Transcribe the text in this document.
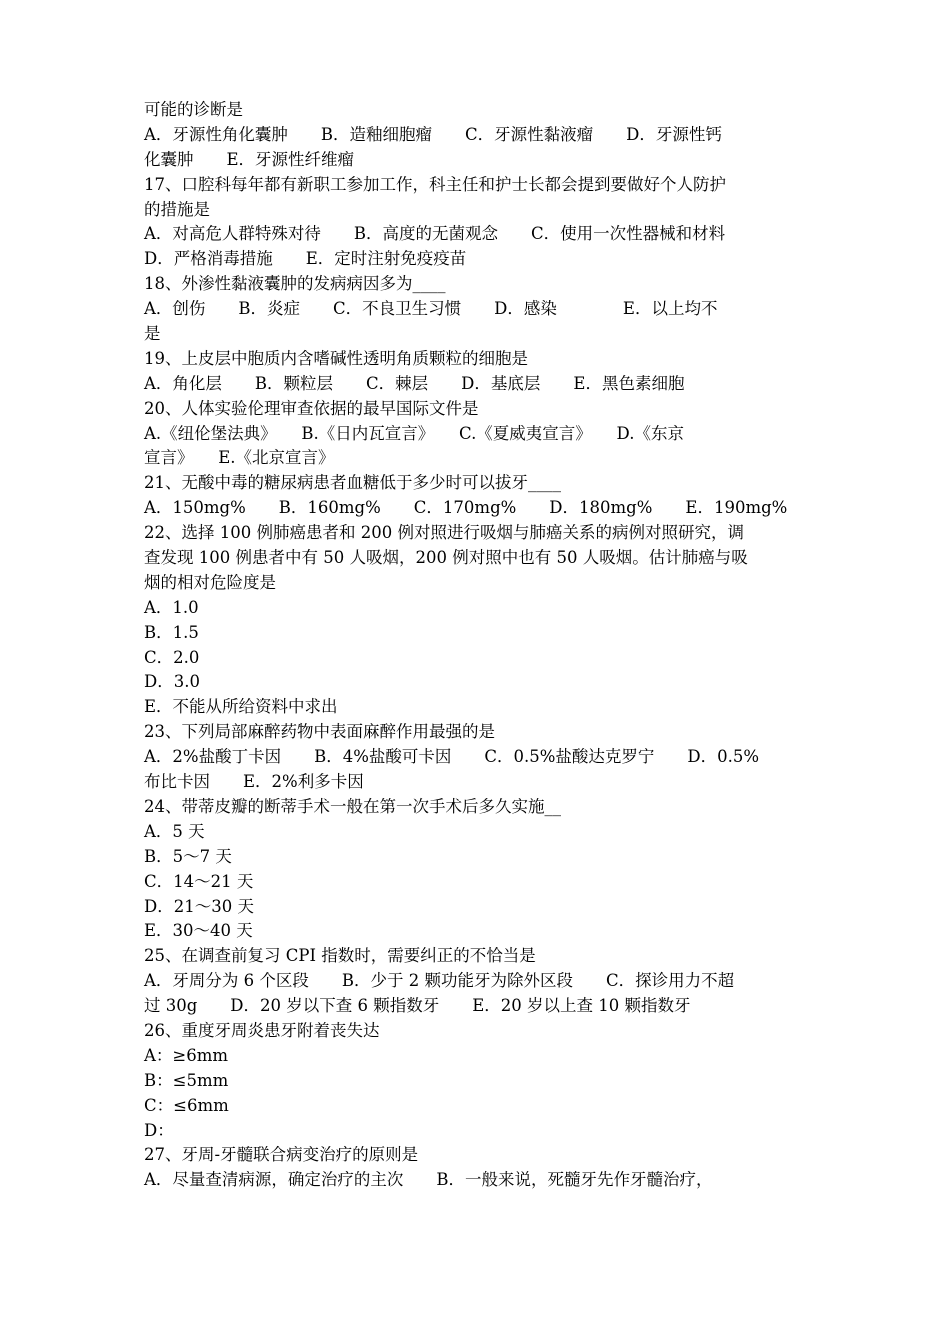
可能的诊断是
A．牙源性角化囊肿　　B．造釉细胞瘤　　C．牙源性黏液瘤　　D．牙源性钙
化囊肿　　E．牙源性纤维瘤
17、口腔科每年都有新职工参加工作，科主任和护士长都会提到要做好个人防护
的措施是
A．对高危人群特殊对待　　B．高度的无菌观念　　C．使用一次性器械和材料
D．严格消毒措施　　E．定时注射免疫疫苗
18、外渗性黏液囊肿的发病病因多为____
A．创伤　　B．炎症　　C．不良卫生习惯　　D．感染　　　　E．以上均不
是
19、上皮层中胞质内含嗜碱性透明角质颗粒的细胞是
A．角化层　　B．颗粒层　　C．棘层　　D．基底层　　E．黑色素细胞
20、人体实验伦理审查依据的最早国际文件是
A.《纽伦堡法典》　　B.《日内瓦宣言》　　C.《夏威夷宣言》　　D.《东京
宣言》　　E.《北京宣言》
21、无酸中毒的糖尿病患者血糖低于多少时可以拔牙____
A．150mg%　　B．160mg%　　C．170mg%　　D．180mg%　　E．190mg%
22、选择 100 例肺癌患者和 200 例对照进行吸烟与肺癌关系的病例对照研究，调
查发现 100 例患者中有 50 人吸烟，200 例对照中也有 50 人吸烟。估计肺癌与吸
烟的相对危险度是
A．1.0
B．1.5
C．2.0
D．3.0
E．不能从所给资料中求出
23、下列局部麻醉药物中表面麻醉作用最强的是
A．2%盐酸丁卡因　　B．4%盐酸可卡因　　C．0.5%盐酸达克罗宁　　D．0.5%
布比卡因　　E．2%利多卡因
24、带蒂皮瓣的断蒂手术一般在第一次手术后多久实施__
A．5 天
B．5～7 天
C．14～21 天
D．21～30 天
E．30～40 天
25、在调查前复习 CPI 指数时，需要纠正的不恰当是
A．牙周分为 6 个区段　　B．少于 2 颗功能牙为除外区段　　C．探诊用力不超
过 30g　　D．20 岁以下查 6 颗指数牙　　E．20 岁以上查 10 颗指数牙
26、重度牙周炎患牙附着丧失达
A：≥6mm
B：≤5mm
C：≤6mm
D：
27、牙周-牙髓联合病变治疗的原则是
A．尽量查清病源，确定治疗的主次　　B．一般来说，死髓牙先作牙髓治疗，
